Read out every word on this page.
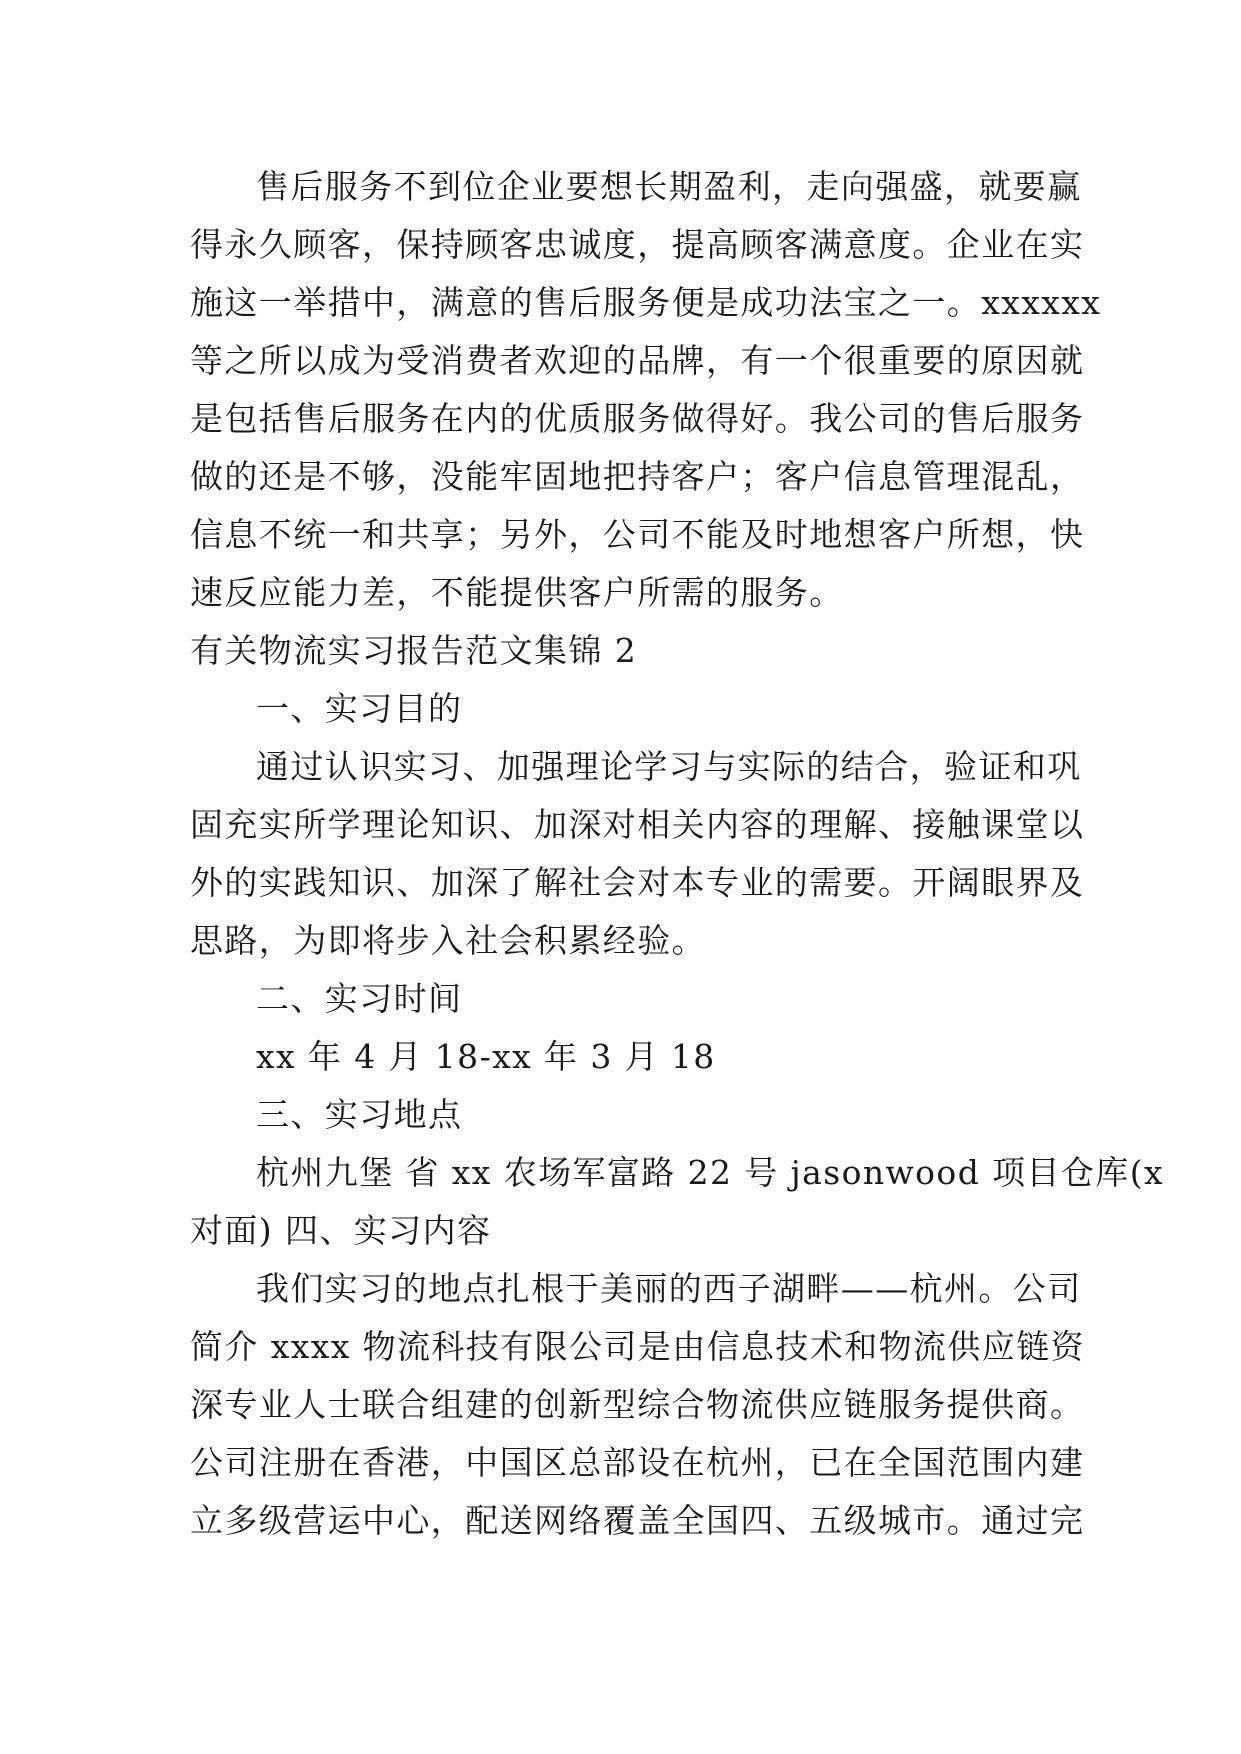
售后服务不到位企业要想长期盈利，走向强盛，就要赢
得永久顾客，保持顾客忠诚度，提高顾客满意度。企业在实
施这一举措中，满意的售后服务便是成功法宝之一。xxxxxx
等之所以成为受消费者欢迎的品牌，有一个很重要的原因就
是包括售后服务在内的优质服务做得好。我公司的售后服务
做的还是不够，没能牢固地把持客户；客户信息管理混乱，
信息不统一和共享；另外，公司不能及时地想客户所想，快
速反应能力差，不能提供客户所需的服务。
有关物流实习报告范文集锦 2
一、实习目的
通过认识实习、加强理论学习与实际的结合，验证和巩
固充实所学理论知识、加深对相关内容的理解、接触课堂以
外的实践知识、加深了解社会对本专业的需要。开阔眼界及
思路，为即将步入社会积累经验。
二、实习时间
xx 年 4 月 18-xx 年 3 月 18
三、实习地点
杭州九堡 省 xx 农场军富路 22 号 jasonwood 项目仓库(x
对面) 四、实习内容
我们实习的地点扎根于美丽的西子湖畔——杭州。公司
简介 xxxx 物流科技有限公司是由信息技术和物流供应链资
深专业人士联合组建的创新型综合物流供应链服务提供商。
公司注册在香港，中国区总部设在杭州，已在全国范围内建
立多级营运中心，配送网络覆盖全国四、五级城市。通过完
